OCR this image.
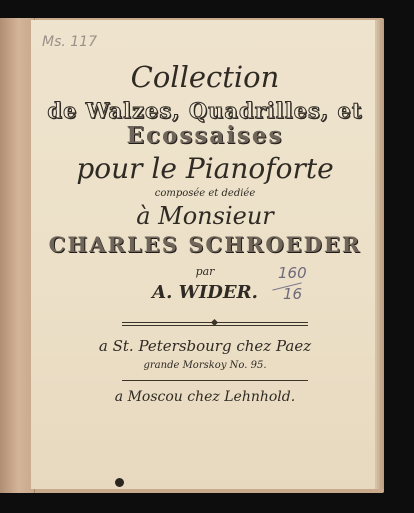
Ms. 117
Collection
de Walzes, Quadrilles, et
Ecossaises
pour le Pianoforte
composée et dediée
à Monsieur
CHARLES SCHROEDER
par
A. WIDER.
a St. Petersbourg chez Paez
grande Morskoy No. 95.
a Moscou chez Lehnhold.
160
16
